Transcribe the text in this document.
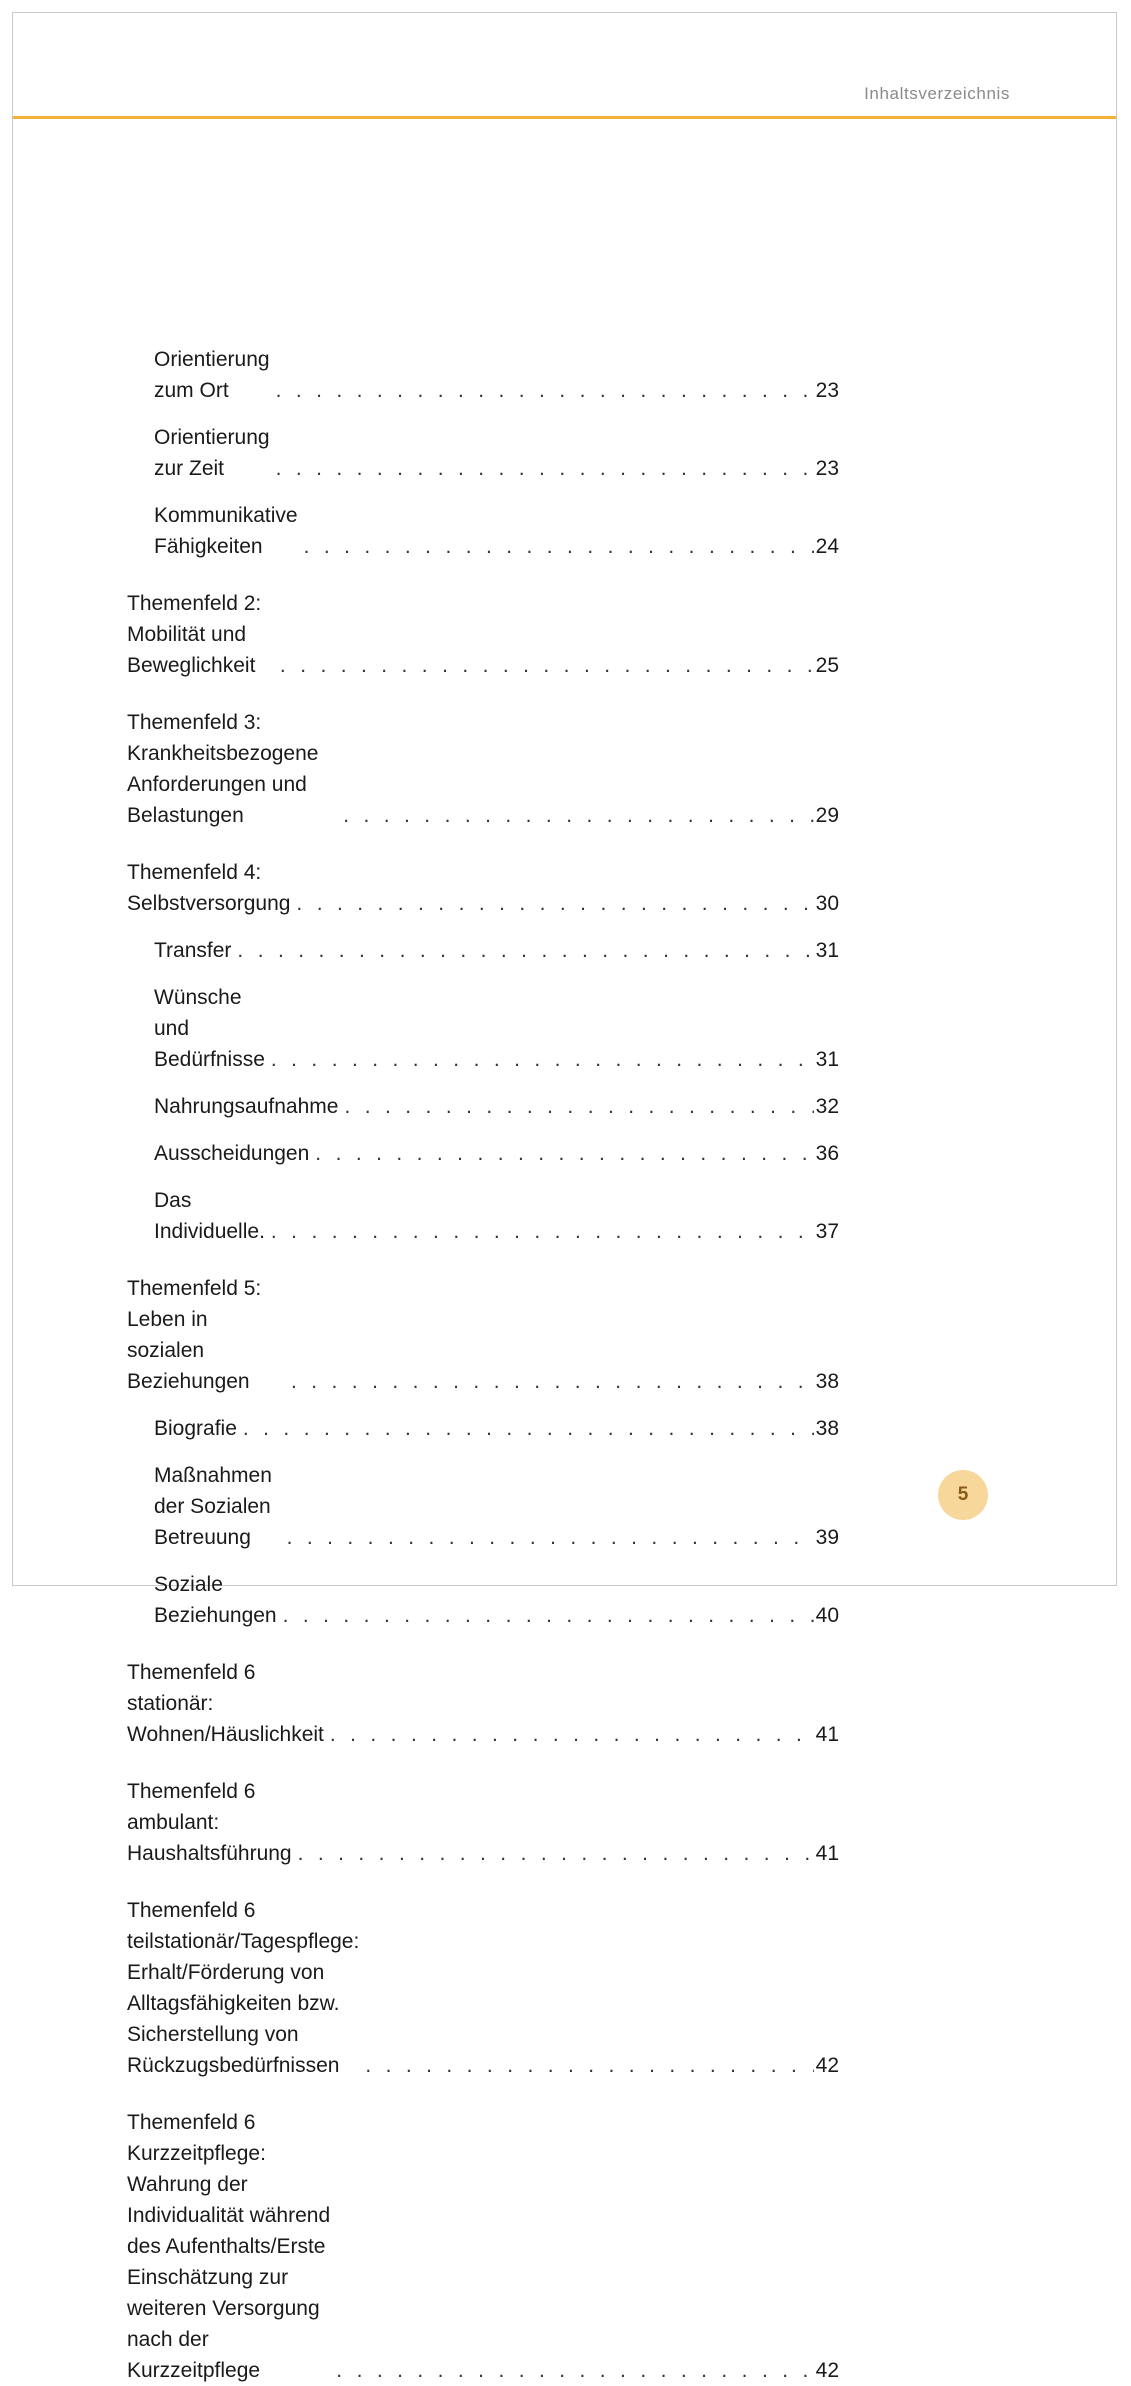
Inhaltsverzeichnis
Orientierung zum Ort . . .	23
Orientierung zur Zeit . . .	23
Kommunikative Fähigkeiten . . .	24
Themenfeld 2: Mobilität und Beweglichkeit . . .	25
Themenfeld 3: Krankheitsbezogene Anforderungen und Belastungen . . .	29
Themenfeld 4: Selbstversorgung . . .	30
Transfer . . .	31
Wünsche und Bedürfnisse . . .	31
Nahrungsaufnahme . . .	32
Ausscheidungen . . .	36
Das Individuelle. . . .	37
Themenfeld 5: Leben in sozialen Beziehungen . . .	38
Biografie . . .	38
Maßnahmen der Sozialen Betreuung . . .	39
Soziale Beziehungen . . .	40
Themenfeld 6 stationär: Wohnen/Häuslichkeit . . .	41
Themenfeld 6 ambulant: Haushaltsführung . . .	41
Themenfeld 6 teilstationär/Tagespflege: Erhalt/Förderung von
Alltagsfähigkeiten bzw. Sicherstellung von
Rückzugsbedürfnissen . . .	42
Themenfeld 6 Kurzzeitpflege: Wahrung der Individualität während
des Aufenthalts/Erste Einschätzung zur weiteren Versorgung
nach der Kurzzeitpflege . . .	42
5
